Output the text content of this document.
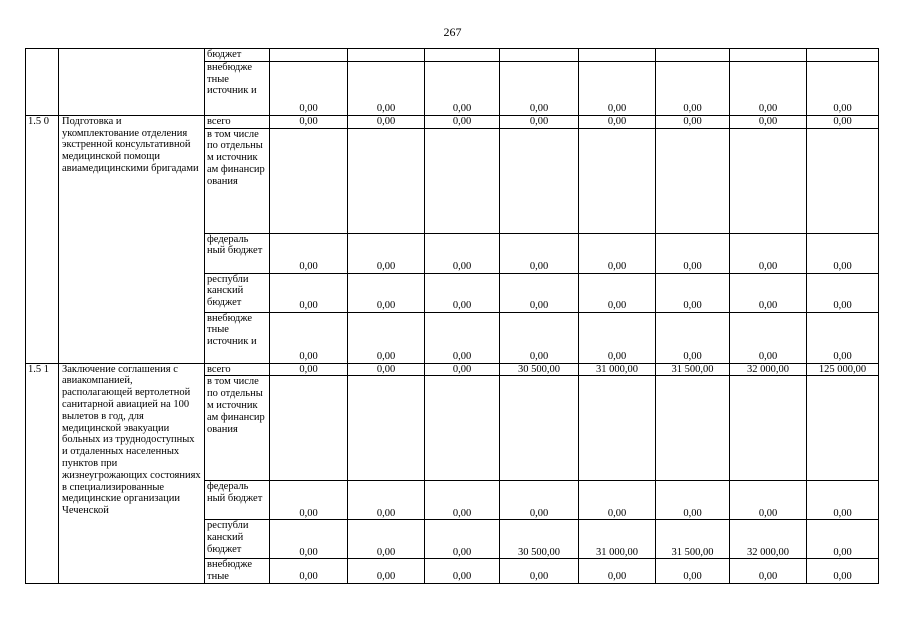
267
		бюджет								
		внебюдже тные источник и	0,00	0,00	0,00	0,00	0,00	0,00	0,00	0,00
1.5 0	Подготовка и укомплектование отделения экстренной консультативной медицинской помощи авиамедицинскими бригадами	всего	0,00	0,00	0,00	0,00	0,00	0,00	0,00	0,00
		в том числе по отдельны м источник ам финансир ования								
		федераль ный бюджет	0,00	0,00	0,00	0,00	0,00	0,00	0,00	0,00
		республи канский бюджет	0,00	0,00	0,00	0,00	0,00	0,00	0,00	0,00
		внебюдже тные источник и	0,00	0,00	0,00	0,00	0,00	0,00	0,00	0,00
1.5 1	Заключение соглашения с авиакомпанией, располагающей вертолетной санитарной авиацией на 100 вылетов в год, для медицинской эвакуации больных из труднодоступных и отдаленных населенных пунктов при жизнеугрожающих состояниях в специализированные медицинские организации Чеченской	всего	0,00	0,00	0,00	30 500,00	31 000,00	31 500,00	32 000,00	125 000,00
		в том числе по отдельны м источник ам финансир ования								
		федераль ный бюджет	0,00	0,00	0,00	0,00	0,00	0,00	0,00	0,00
		республи канский бюджет	0,00	0,00	0,00	30 500,00	31 000,00	31 500,00	32 000,00	0,00
		внебюдже тные	0,00	0,00	0,00	0,00	0,00	0,00	0,00	0,00
